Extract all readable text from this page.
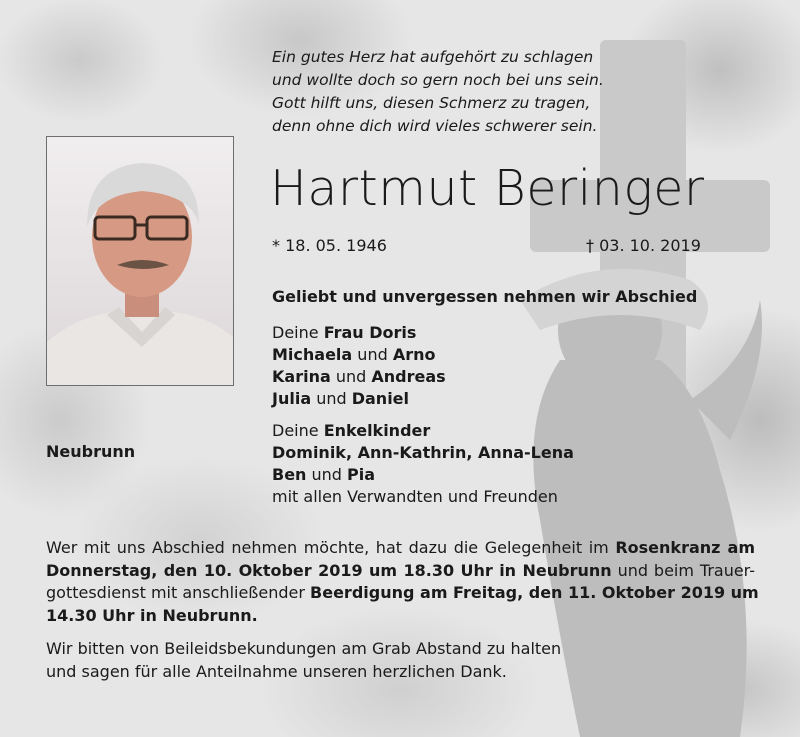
Ein gutes Herz hat aufgehört zu schlagen
und wollte doch so gern noch bei uns sein.
Gott hilft uns, diesen Schmerz zu tragen,
denn ohne dich wird vieles schwerer sein.
Hartmut Beringer
* 18. 05. 1946	† 03. 10. 2019
Geliebt und unvergessen nehmen wir Abschied
Deine Frau Doris
Michaela und Arno
Karina und Andreas
Julia und Daniel
Neubrunn
Deine Enkelkinder
Dominik, Ann-Kathrin, Anna-Lena
Ben und Pia
mit allen Verwandten und Freunden
Wer mit uns Abschied nehmen möchte, hat dazu die Gelegenheit im Rosenkranz am
Donnerstag, den 10. Oktober 2019 um 18.30 Uhr in Neubrunn und beim Trauer-
gottesdienst mit anschließender Beerdigung am Freitag, den 11. Oktober 2019 um
14.30 Uhr in Neubrunn.
Wir bitten von Beileidsbekundungen am Grab Abstand zu halten
und sagen für alle Anteilnahme unseren herzlichen Dank.
